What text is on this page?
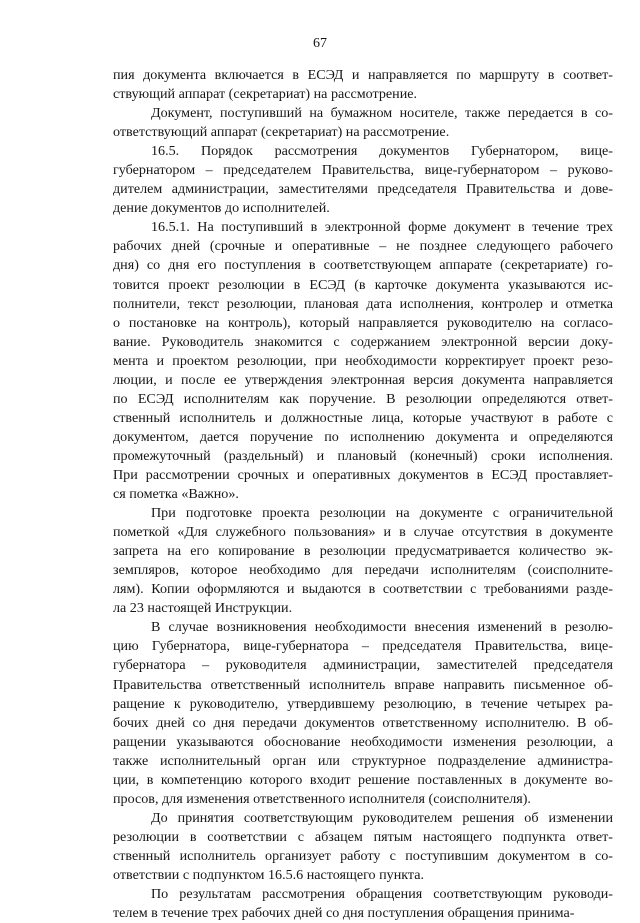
67
пия документа включается в ЕСЭД и направляется по маршруту в соответ-
ствующий аппарат (секретариат) на рассмотрение.
Документ, поступивший на бумажном носителе, также передается в со-
ответствующий аппарат (секретариат) на рассмотрение.
16.5. Порядок рассмотрения документов Губернатором, вице-
губернатором – председателем Правительства, вице-губернатором – руково-
дителем администрации, заместителями председателя Правительства и дове-
дение документов до исполнителей.
16.5.1. На поступивший в электронной форме документ в течение трех
рабочих дней (срочные и оперативные – не позднее следующего рабочего
дня) со дня его поступления в соответствующем аппарате (секретариате) го-
товится проект резолюции в ЕСЭД (в карточке документа указываются ис-
полнители, текст резолюции, плановая дата исполнения, контролер и отметка
о постановке на контроль), который направляется руководителю на согласо-
вание. Руководитель знакомится с содержанием электронной версии доку-
мента и проектом резолюции, при необходимости корректирует проект резо-
люции, и после ее утверждения электронная версия документа направляется
по ЕСЭД исполнителям как поручение. В резолюции определяются ответ-
ственный исполнитель и должностные лица, которые участвуют в работе с
документом, дается поручение по исполнению документа и определяются
промежуточный (раздельный) и плановый (конечный) сроки исполнения.
При рассмотрении срочных и оперативных документов в ЕСЭД проставляет-
ся пометка «Важно».
При подготовке проекта резолюции на документе с ограничительной
пометкой «Для служебного пользования» и в случае отсутствия в документе
запрета на его копирование в резолюции предусматривается количество эк-
земпляров, которое необходимо для передачи исполнителям (соисполните-
лям). Копии оформляются и выдаются в соответствии с требованиями разде-
ла 23 настоящей Инструкции.
В случае возникновения необходимости внесения изменений в резолю-
цию Губернатора, вице-губернатора – председателя Правительства, вице-
губернатора – руководителя администрации, заместителей председателя
Правительства ответственный исполнитель вправе направить письменное об-
ращение к руководителю, утвердившему резолюцию, в течение четырех ра-
бочих дней со дня передачи документов ответственному исполнителю. В об-
ращении указываются обоснование необходимости изменения резолюции, а
также исполнительный орган или структурное подразделение администра-
ции, в компетенцию которого входит решение поставленных в документе во-
просов, для изменения ответственного исполнителя (соисполнителя).
До принятия соответствующим руководителем решения об изменении
резолюции в соответствии с абзацем пятым настоящего подпункта ответ-
ственный исполнитель организует работу с поступившим документом в со-
ответствии с подпунктом 16.5.6 настоящего пункта.
По результатам рассмотрения обращения соответствующим руководи-
телем в течение трех рабочих дней со дня поступления обращения принима-
